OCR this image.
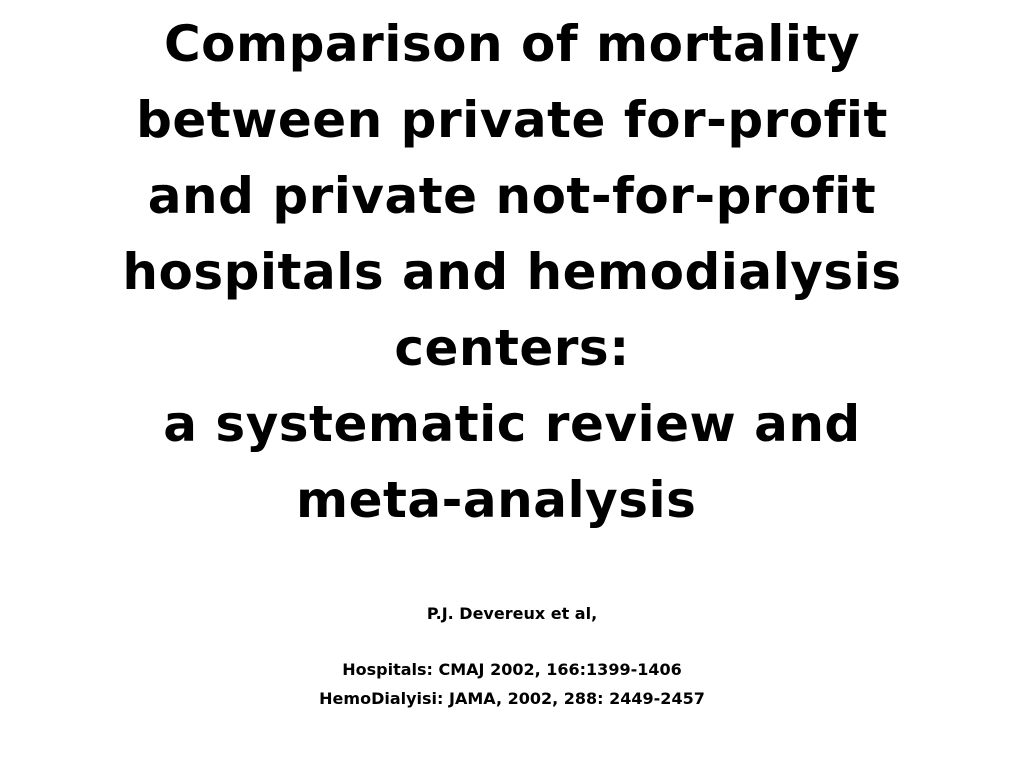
Comparison of mortality
between private for-profit
and private not-for-profit
hospitals and hemodialysis
centers:
a systematic review and
meta-analysis
P.J. Devereux et al,
Hospitals: CMAJ 2002, 166:1399-1406
HemoDialyisi: JAMA, 2002, 288: 2449-2457
